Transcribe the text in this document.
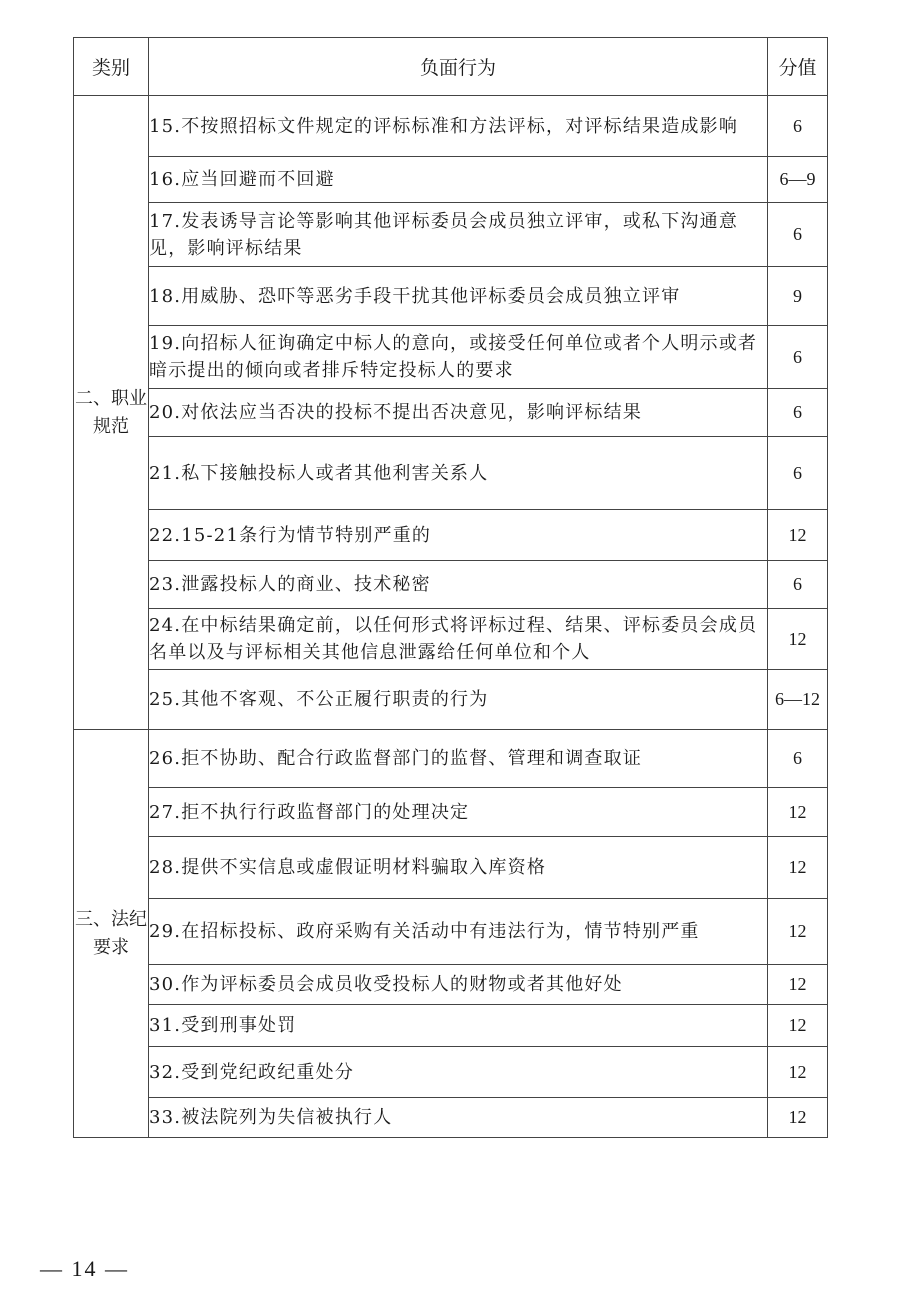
类别	负面行为	分值
二、职业规范	15.不按照招标文件规定的评标标准和方法评标，对评标结果造成影响	6
	16.应当回避而不回避	6—9
	17.发表诱导言论等影响其他评标委员会成员独立评审，或私下沟通意见，影响评标结果	6
	18.用威胁、恐吓等恶劣手段干扰其他评标委员会成员独立评审	9
	19.向招标人征询确定中标人的意向，或接受任何单位或者个人明示或者暗示提出的倾向或者排斥特定投标人的要求	6
	20.对依法应当否决的投标不提出否决意见，影响评标结果	6
	21.私下接触投标人或者其他利害关系人	6
	22.15-21条行为情节特别严重的	12
	23.泄露投标人的商业、技术秘密	6
	24.在中标结果确定前，以任何形式将评标过程、结果、评标委员会成员名单以及与评标相关其他信息泄露给任何单位和个人	12
	25.其他不客观、不公正履行职责的行为	6—12
三、法纪要求	26.拒不协助、配合行政监督部门的监督、管理和调查取证	6
	27.拒不执行行政监督部门的处理决定	12
	28.提供不实信息或虚假证明材料骗取入库资格	12
	29.在招标投标、政府采购有关活动中有违法行为，情节特别严重	12
	30.作为评标委员会成员收受投标人的财物或者其他好处	12
	31.受到刑事处罚	12
	32.受到党纪政纪重处分	12
	33.被法院列为失信被执行人	12
— 14 —
